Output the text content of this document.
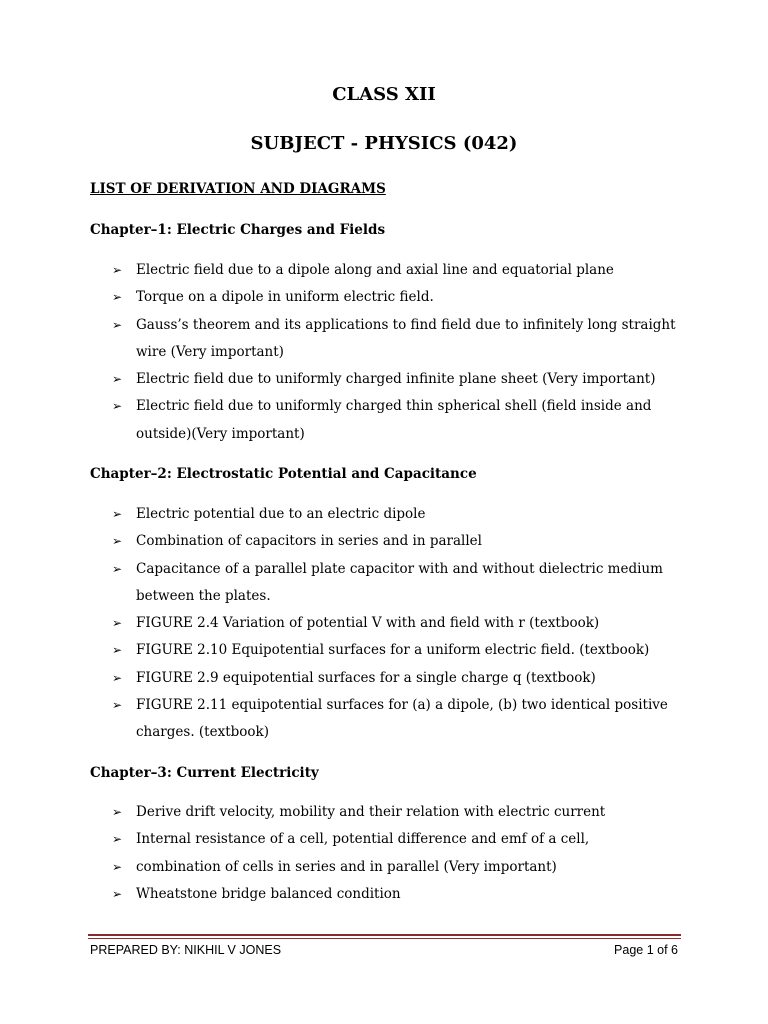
CLASS XII
SUBJECT - PHYSICS (042)

LIST OF DERIVATION AND DIAGRAMS

Chapter–1: Electric Charges and Fields

➢ Electric field due to a dipole along and axial line and equatorial plane
➢ Torque on a dipole in uniform electric field.
➢ Gauss’s theorem and its applications to find field due to infinitely long straight wire (Very important)
➢ Electric field due to uniformly charged infinite plane sheet (Very important)
➢ Electric field due to uniformly charged thin spherical shell (field inside and outside)(Very important)

Chapter–2: Electrostatic Potential and Capacitance

➢ Electric potential due to an electric dipole
➢ Combination of capacitors in series and in parallel
➢ Capacitance of a parallel plate capacitor with and without dielectric medium between the plates.
➢ FIGURE 2.4 Variation of potential V with and field with r (textbook)
➢ FIGURE 2.10 Equipotential surfaces for a uniform electric field. (textbook)
➢ FIGURE 2.9 equipotential surfaces for a single charge q (textbook)
➢ FIGURE 2.11 equipotential surfaces for (a) a dipole, (b) two identical positive charges. (textbook)

Chapter–3: Current Electricity

➢ Derive drift velocity, mobility and their relation with electric current
➢ Internal resistance of a cell, potential difference and emf of a cell,
➢ combination of cells in series and in parallel (Very important)
➢ Wheatstone bridge balanced condition
PREPARED BY: NIKHIL V JONES	Page 1 of 6
